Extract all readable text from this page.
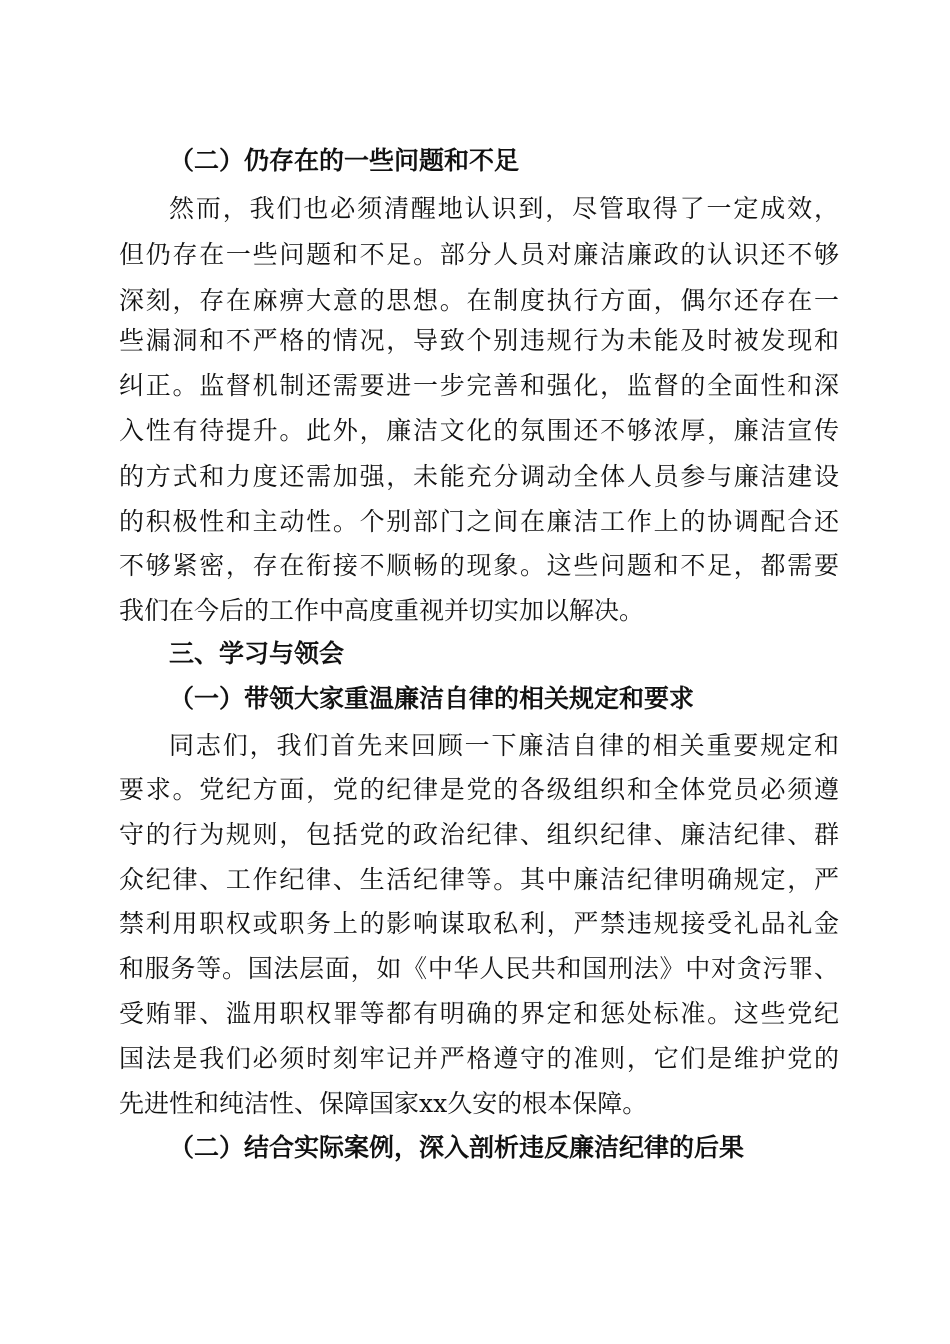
（二）仍存在的一些问题和不足
然而，我们也必须清醒地认识到，尽管取得了一定成效，
但仍存在一些问题和不足。部分人员对廉洁廉政的认识还不够
深刻，存在麻痹大意的思想。在制度执行方面，偶尔还存在一
些漏洞和不严格的情况，导致个别违规行为未能及时被发现和
纠正。监督机制还需要进一步完善和强化，监督的全面性和深
入性有待提升。此外，廉洁文化的氛围还不够浓厚，廉洁宣传
的方式和力度还需加强，未能充分调动全体人员参与廉洁建设
的积极性和主动性。个别部门之间在廉洁工作上的协调配合还
不够紧密，存在衔接不顺畅的现象。这些问题和不足，都需要
我们在今后的工作中高度重视并切实加以解决。
三、学习与领会
（一）带领大家重温廉洁自律的相关规定和要求
同志们，我们首先来回顾一下廉洁自律的相关重要规定和
要求。党纪方面，党的纪律是党的各级组织和全体党员必须遵
守的行为规则，包括党的政治纪律、组织纪律、廉洁纪律、群
众纪律、工作纪律、生活纪律等。其中廉洁纪律明确规定，严
禁利用职权或职务上的影响谋取私利，严禁违规接受礼品礼金
和服务等。国法层面，如《中华人民共和国刑法》中对贪污罪、
受贿罪、滥用职权罪等都有明确的界定和惩处标准。这些党纪
国法是我们必须时刻牢记并严格遵守的准则，它们是维护党的
先进性和纯洁性、保障国家xx久安的根本保障。
（二）结合实际案例，深入剖析违反廉洁纪律的后果
